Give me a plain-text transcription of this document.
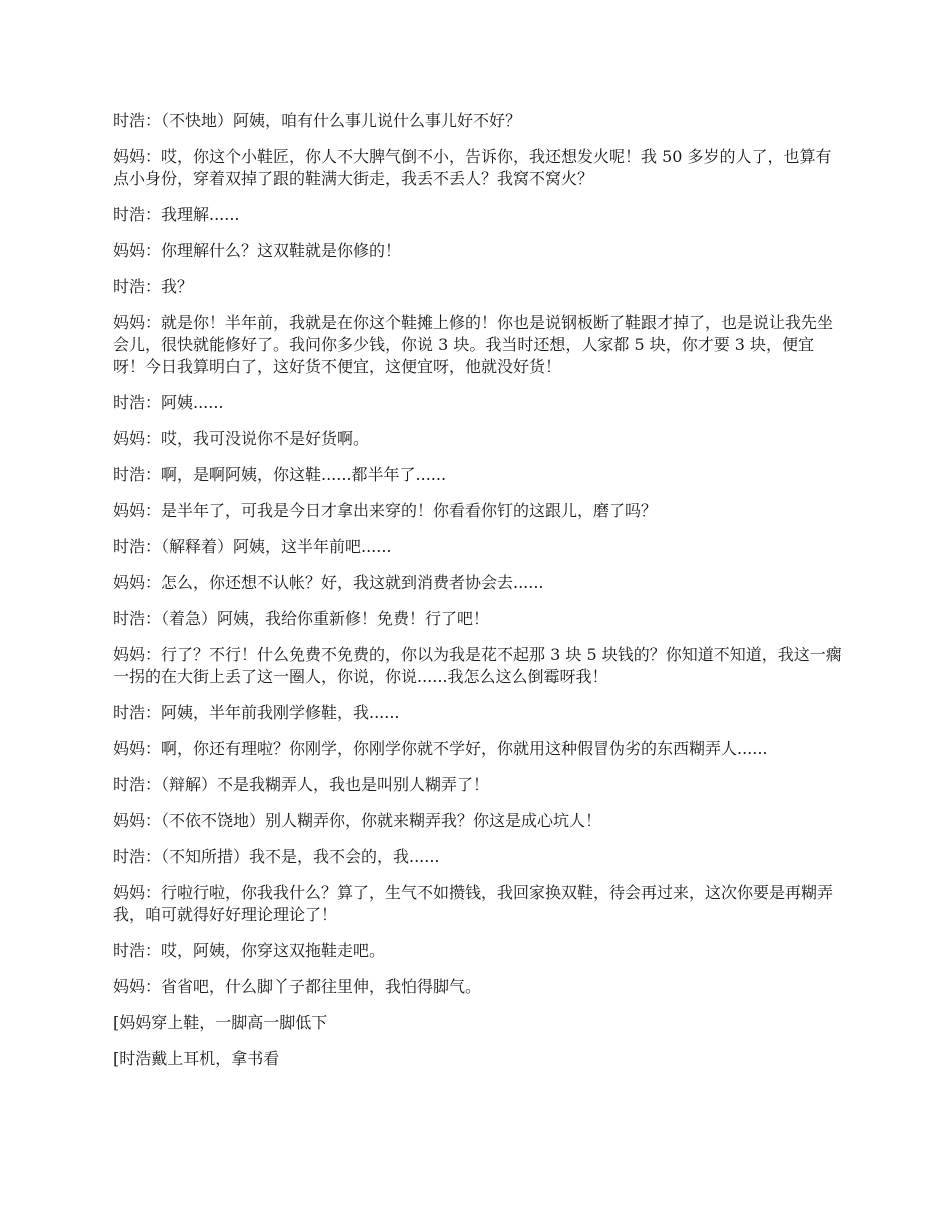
时浩：（不快地）阿姨，咱有什么事儿说什么事儿好不好？

妈妈：哎，你这个小鞋匠，你人不大脾气倒不小，告诉你，我还想发火呢！我 50 多岁的人了，也算有点小身份，穿着双掉了跟的鞋满大街走，我丢不丢人？我窝不窝火？

时浩：我理解......

妈妈：你理解什么？这双鞋就是你修的！

时浩：我？

妈妈：就是你！半年前，我就是在你这个鞋摊上修的！你也是说钢板断了鞋跟才掉了，也是说让我先坐会儿，很快就能修好了。我问你多少钱，你说 3 块。我当时还想，人家都 5 块，你才要 3 块，便宜呀！今日我算明白了，这好货不便宜，这便宜呀，他就没好货！

时浩：阿姨......

妈妈：哎，我可没说你不是好货啊。

时浩：啊，是啊阿姨，你这鞋......都半年了......

妈妈：是半年了，可我是今日才拿出来穿的！你看看你钉的这跟儿，磨了吗？

时浩：（解释着）阿姨，这半年前吧......

妈妈：怎么，你还想不认帐？好，我这就到消费者协会去......

时浩：（着急）阿姨，我给你重新修！免费！行了吧！

妈妈：行了？不行！什么免费不免费的，你以为我是花不起那 3 块 5 块钱的？你知道不知道，我这一瘸一拐的在大街上丢了这一圈人，你说，你说......我怎么这么倒霉呀我！

时浩：阿姨，半年前我刚学修鞋，我......

妈妈：啊，你还有理啦？你刚学，你刚学你就不学好，你就用这种假冒伪劣的东西糊弄人......

时浩：（辩解）不是我糊弄人，我也是叫别人糊弄了！

妈妈：（不依不饶地）别人糊弄你，你就来糊弄我？你这是成心坑人！

时浩：（不知所措）我不是，我不会的，我......

妈妈：行啦行啦，你我我什么？算了，生气不如攒钱，我回家换双鞋，待会再过来，这次你要是再糊弄我，咱可就得好好理论理论了！

时浩：哎，阿姨，你穿这双拖鞋走吧。

妈妈：省省吧，什么脚丫子都往里伸，我怕得脚气。

[妈妈穿上鞋，一脚高一脚低下

[时浩戴上耳机，拿书看
